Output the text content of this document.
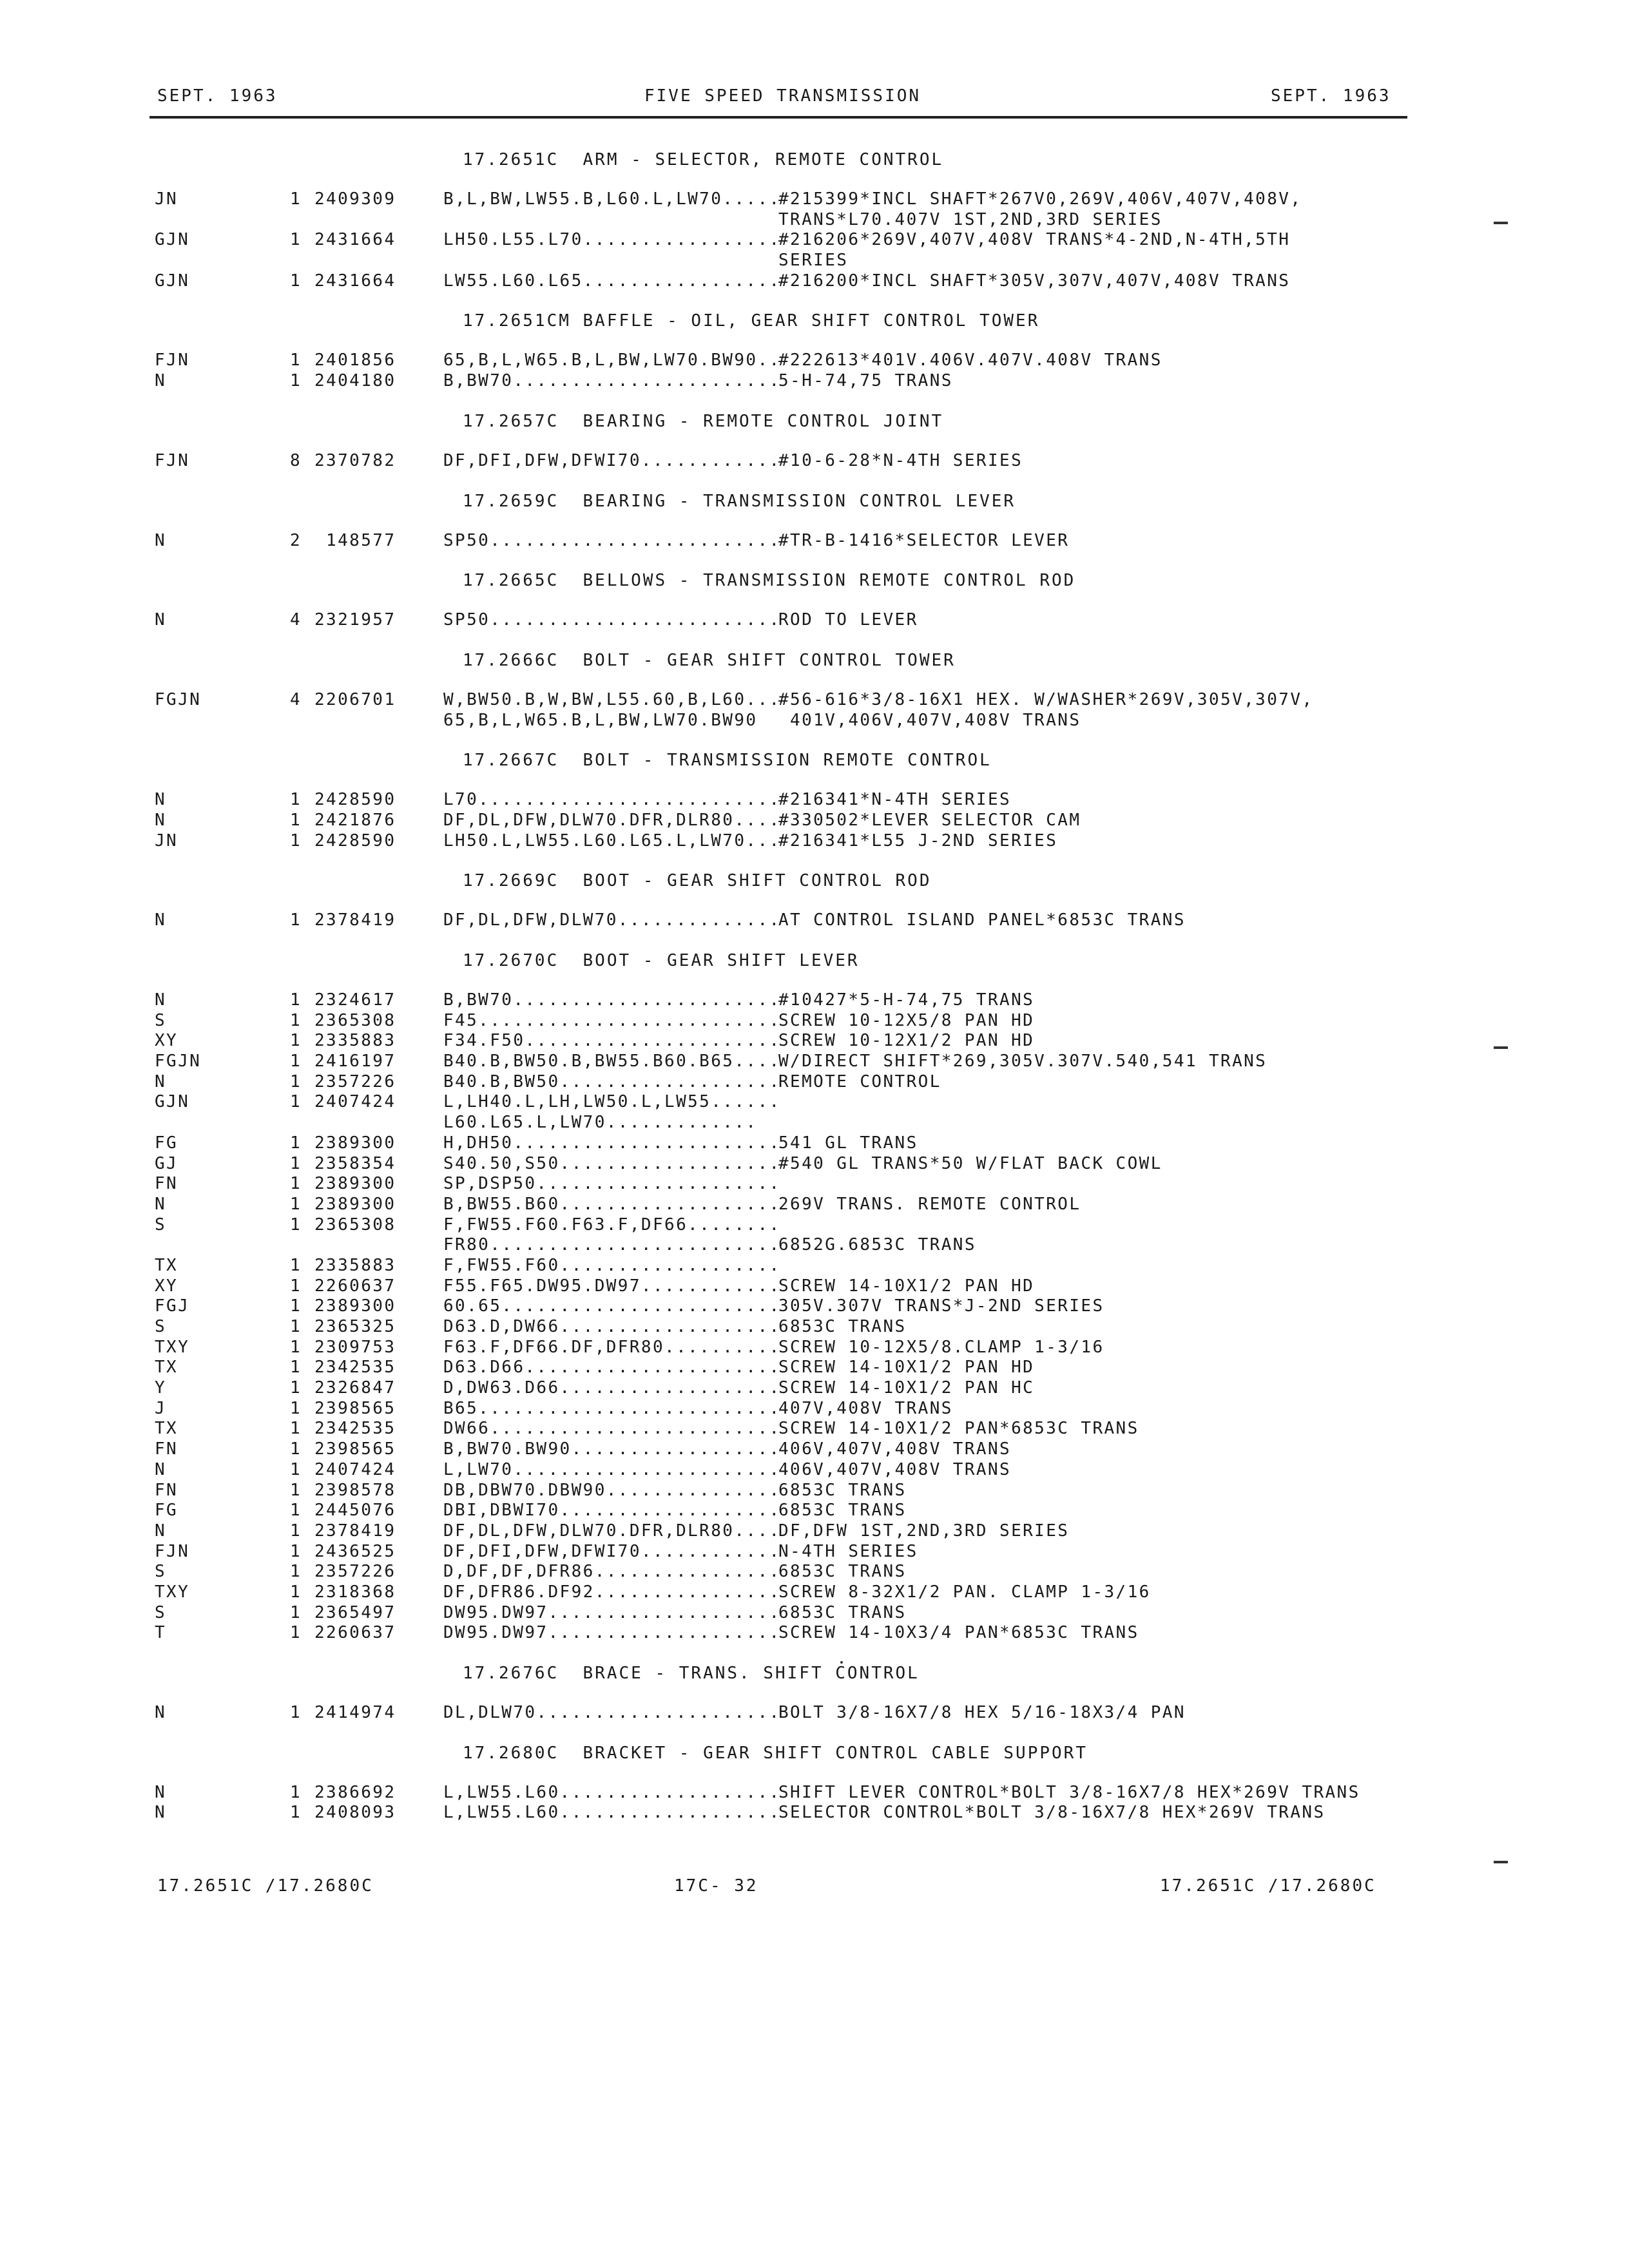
SEPT. 1963	FIVE SPEED TRANSMISSION	SEPT. 1963
17.2651C  ARM - SELECTOR, REMOTE CONTROL
JN	1 2409309	B,L,BW,LW55.B,L60.L,LW70.....
#215399*INCL SHAFT*267V0,269V,406V,407V,408V,
TRANS*L70.407V 1ST,2ND,3RD SERIES
GJN	1 2431664	LH50.L55.L70.................
#216206*269V,407V,408V TRANS*4-2ND,N-4TH,5TH
SERIES
GJN	1 2431664	LW55.L60.L65.................
#216200*INCL SHAFT*305V,307V,407V,408V TRANS
17.2651CM BAFFLE - OIL, GEAR SHIFT CONTROL TOWER
FJN	1 2401856	65,B,L,W65.B,L,BW,LW70.BW90..
#222613*401V.406V.407V.408V TRANS
N	1 2404180	B,BW70.......................
5-H-74,75 TRANS
17.2657C  BEARING - REMOTE CONTROL JOINT
FJN	8 2370782	DF,DFI,DFW,DFWI70............
#10-6-28*N-4TH SERIES
17.2659C  BEARING - TRANSMISSION CONTROL LEVER
N	2 148577	SP50.........................
#TR-B-1416*SELECTOR LEVER
17.2665C  BELLOWS - TRANSMISSION REMOTE CONTROL ROD
N	4 2321957	SP50.........................
ROD TO LEVER
17.2666C  BOLT - GEAR SHIFT CONTROL TOWER
FGJN	4 2206701	W,BW50.B,W,BW,L55.60,B,L60...
#56-616*3/8-16X1 HEX. W/WASHER*269V,305V,307V,
65,B,L,W65.B,L,BW,LW70.BW90 401V,406V,407V,408V TRANS
17.2667C  BOLT - TRANSMISSION REMOTE CONTROL
N	1 2428590	L70..........................
#216341*N-4TH SERIES
N	1 2421876	DF,DL,DFW,DLW70.DFR,DLR80....
#330502*LEVER SELECTOR CAM
JN	1 2428590	LH50.L,LW55.L60.L65.L,LW70...
#216341*L55 J-2ND SERIES
17.2669C  BOOT - GEAR SHIFT CONTROL ROD
N	1 2378419	DF,DL,DFW,DLW70..............
AT CONTROL ISLAND PANEL*6853C TRANS
17.2670C  BOOT - GEAR SHIFT LEVER
N	1 2324617	B,BW70.......................
#10427*5-H-74,75 TRANS
S	1 2365308	F45..........................
SCREW 10-12X5/8 PAN HD
XY	1 2335883	F34.F50......................
SCREW 10-12X1/2 PAN HD
FGJN	1 2416197	B40.B,BW50.B,BW55.B60.B65....
W/DIRECT SHIFT*269,305V.307V.540,541 TRANS
N	1 2357226	B40.B,BW50...................
REMOTE CONTROL
GJN	1 2407424	L,LH40.L,LH,LW50.L,LW55......
L60.L65.L,LW70.............
FG	1 2389300	H,DH50.......................
541 GL TRANS
GJ	1 2358354	S40.50,S50...................
#540 GL TRANS*50 W/FLAT BACK COWL
FN	1 2389300	SP,DSP50.....................
N	1 2389300	B,BW55.B60...................
269V TRANS. REMOTE CONTROL
S	1 2365308	F,FW55.F60.F63.F,DF66........
FR80.........................
6852G.6853C TRANS
TX	1 2335883	F,FW55.F60...................
XY	1 2260637	F55.F65.DW95.DW97............
SCREW 14-10X1/2 PAN HD
FGJ	1 2389300	60.65........................
305V.307V TRANS*J-2ND SERIES
S	1 2365325	D63.D,DW66...................
6853C TRANS
TXY	1 2309753	F63.F,DF66.DF,DFR80..........
SCREW 10-12X5/8.CLAMP 1-3/16
TX	1 2342535	D63.D66......................
SCREW 14-10X1/2 PAN HD
Y	1 2326847	D,DW63.D66...................
SCREW 14-10X1/2 PAN HC
J	1 2398565	B65..........................
407V,408V TRANS
TX	1 2342535	DW66.........................
SCREW 14-10X1/2 PAN*6853C TRANS
FN	1 2398565	B,BW70.BW90..................
406V,407V,408V TRANS
N	1 2407424	L,LW70.......................
406V,407V,408V TRANS
FN	1 2398578	DB,DBW70.DBW90...............
6853C TRANS
FG	1 2445076	DBI,DBWI70...................
6853C TRANS
N	1 2378419	DF,DL,DFW,DLW70.DFR,DLR80....
DF,DFW 1ST,2ND,3RD SERIES
FJN	1 2436525	DF,DFI,DFW,DFWI70............
N-4TH SERIES
S	1 2357226	D,DF,DF,DFR86................
6853C TRANS
TXY	1 2318368	DF,DFR86.DF92................
SCREW 8-32X1/2 PAN. CLAMP 1-3/16
S	1 2365497	DW95.DW97....................
6853C TRANS
T	1 2260637	DW95.DW97....................
SCREW 14-10X3/4 PAN*6853C TRANS
17.2676C  BRACE - TRANS. SHIFT CONTROL
N	1 2414974	DL,DLW70.....................
BOLT 3/8-16X7/8 HEX 5/16-18X3/4 PAN
17.2680C  BRACKET - GEAR SHIFT CONTROL CABLE SUPPORT
N	1 2386692	L,LW55.L60...................
SHIFT LEVER CONTROL*BOLT 3/8-16X7/8 HEX*269V TRANS
N	1 2408093	L,LW55.L60...................
SELECTOR CONTROL*BOLT 3/8-16X7/8 HEX*269V TRANS
17.2651C /17.2680C	17C- 32	17.2651C /17.2680C
